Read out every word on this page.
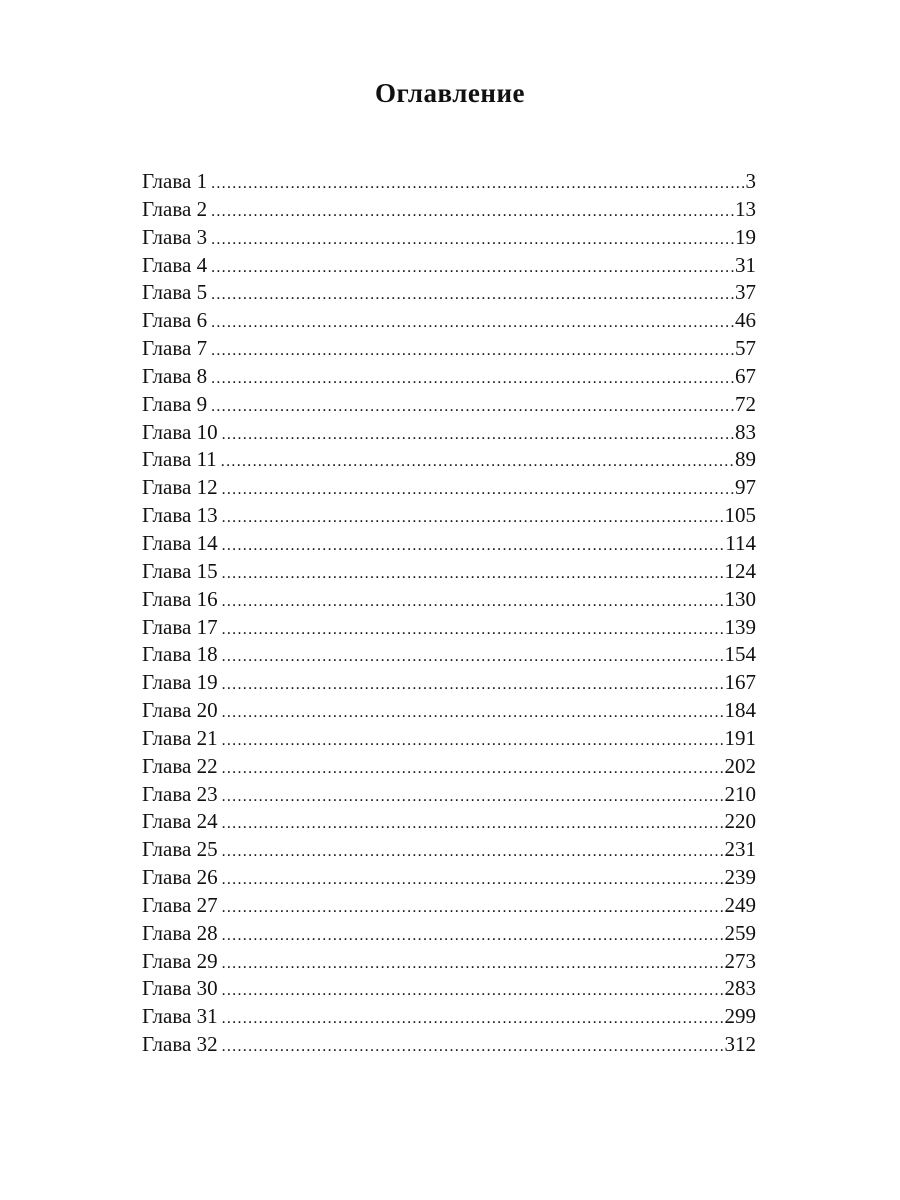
Оглавление
Глава 1 .....	3
Глава 2 .....	13
Глава 3 .....	19
Глава 4 .....	31
Глава 5 .....	37
Глава 6 .....	46
Глава 7 .....	57
Глава 8 .....	67
Глава 9 .....	72
Глава 10 .....	83
Глава 11 .....	89
Глава 12 .....	97
Глава 13 .....	105
Глава 14 .....	114
Глава 15 .....	124
Глава 16 .....	130
Глава 17 .....	139
Глава 18 .....	154
Глава 19 .....	167
Глава 20 .....	184
Глава 21 .....	191
Глава 22 .....	202
Глава 23 .....	210
Глава 24 .....	220
Глава 25 .....	231
Глава 26 .....	239
Глава 27 .....	249
Глава 28 .....	259
Глава 29 .....	273
Глава 30 .....	283
Глава 31 .....	299
Глава 32 .....	312
